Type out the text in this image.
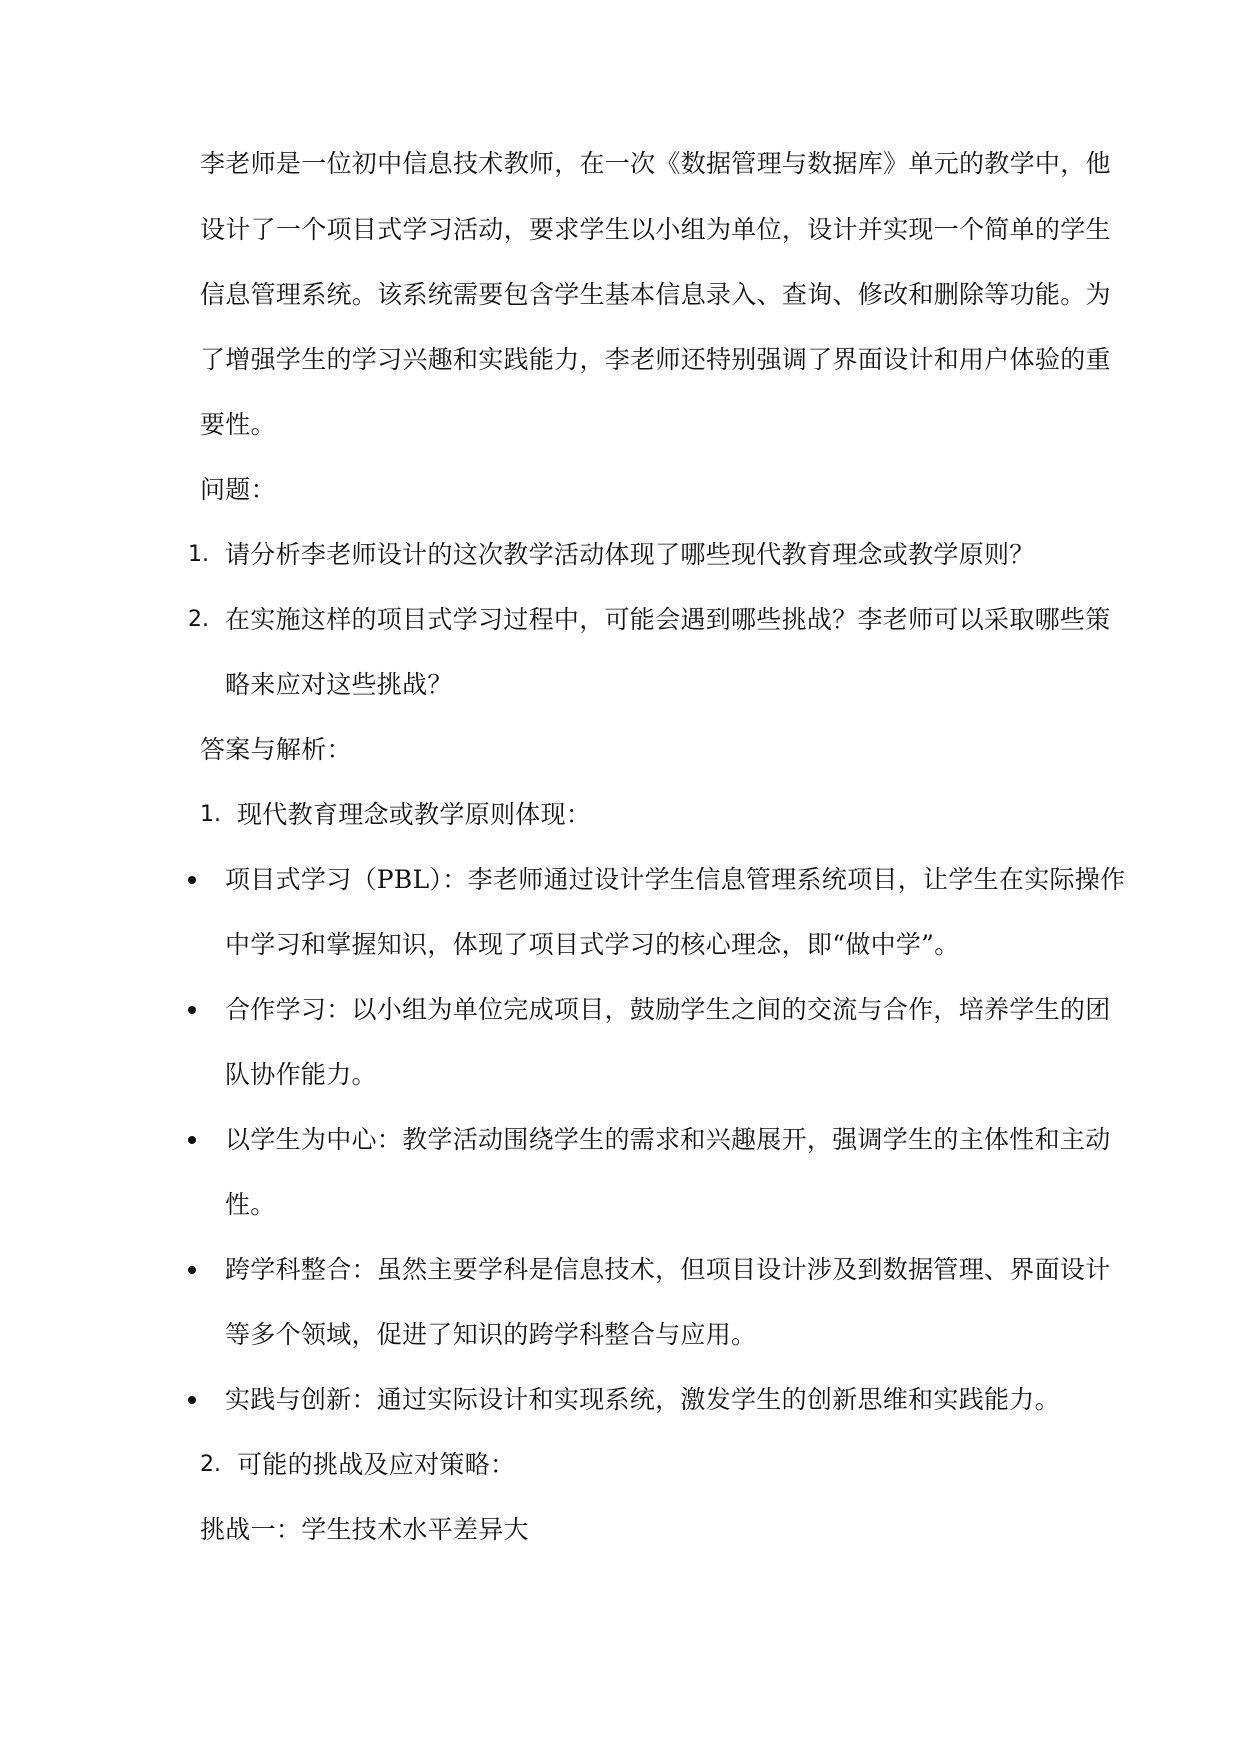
李老师是一位初中信息技术教师，在一次《数据管理与数据库》单元的教学中，他
设计了一个项目式学习活动，要求学生以小组为单位，设计并实现一个简单的学生
信息管理系统。该系统需要包含学生基本信息录入、查询、修改和删除等功能。为
了增强学生的学习兴趣和实践能力，李老师还特别强调了界面设计和用户体验的重
要性。
问题：
1. 请分析李老师设计的这次教学活动体现了哪些现代教育理念或教学原则？
2. 在实施这样的项目式学习过程中，可能会遇到哪些挑战？李老师可以采取哪些策
略来应对这些挑战？
答案与解析：
1. 现代教育理念或教学原则体现：
项目式学习（PBL）：李老师通过设计学生信息管理系统项目，让学生在实际操作
中学习和掌握知识，体现了项目式学习的核心理念，即“做中学”。
合作学习：以小组为单位完成项目，鼓励学生之间的交流与合作，培养学生的团
队协作能力。
以学生为中心：教学活动围绕学生的需求和兴趣展开，强调学生的主体性和主动
性。
跨学科整合：虽然主要学科是信息技术，但项目设计涉及到数据管理、界面设计
等多个领域，促进了知识的跨学科整合与应用。
实践与创新：通过实际设计和实现系统，激发学生的创新思维和实践能力。
2. 可能的挑战及应对策略：
挑战一：学生技术水平差异大
